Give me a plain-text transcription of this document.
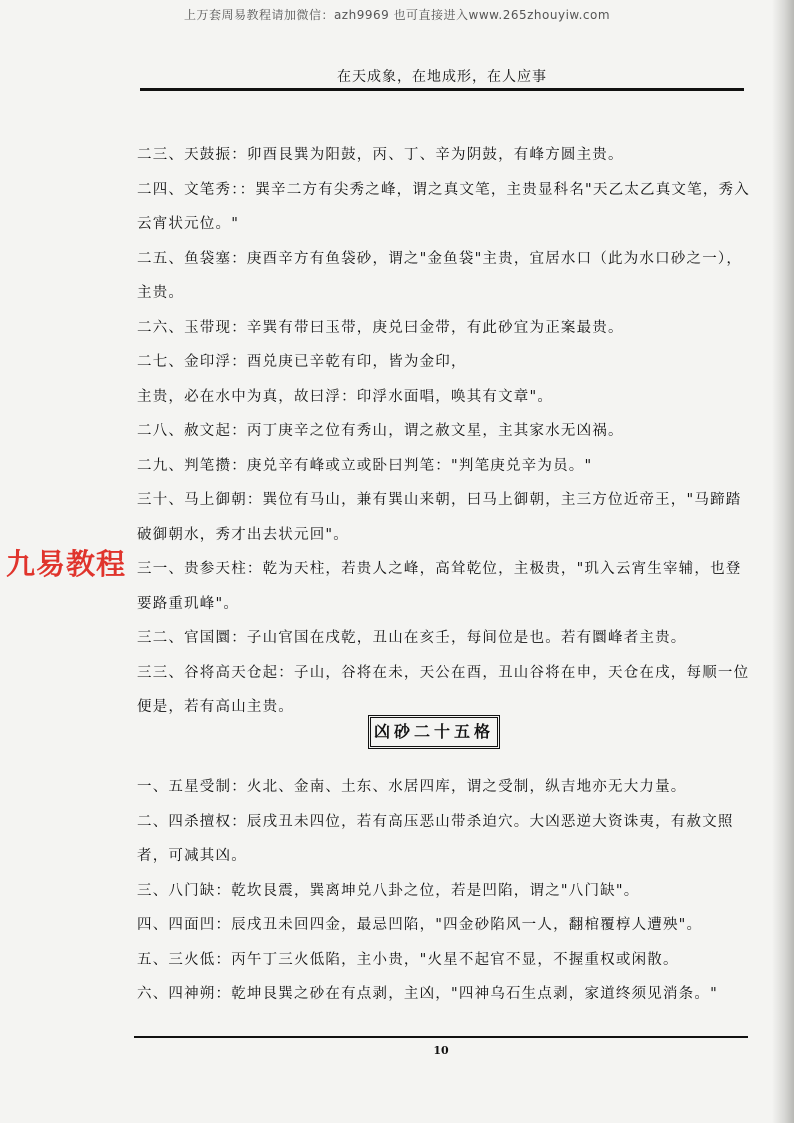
上万套周易教程请加微信：azh9969 也可直接进入www.265zhouyiw.com
在天成象，在地成形，在人应事

二三、天鼓振：卯酉艮巽为阳鼓，丙、丁、辛为阴鼓，有峰方圆主贵。

二四、文笔秀：：巽辛二方有尖秀之峰，谓之真文笔，主贵显科名"天乙太乙真文笔，秀入云宵状元位。"

二五、鱼袋塞：庚酉辛方有鱼袋砂，谓之"金鱼袋"主贵，宜居水口（此为水口砂之一），主贵。

二六、玉带现：辛巽有带曰玉带，庚兑曰金带，有此砂宜为正案最贵。

二七、金印浮：酉兑庚已辛乾有印，皆为金印，

主贵，必在水中为真，故曰浮：印浮水面唱，唤其有文章"。

二八、赦文起：丙丁庚辛之位有秀山，谓之赦文星，主其家水无凶祸。

二九、判笔攒：庚兑辛有峰或立或卧曰判笔："判笔庚兑辛为员。"

三十、马上御朝：巽位有马山，兼有巽山来朝，曰马上御朝，主三方位近帝王，"马蹄踏破御朝水，秀才出去状元回"。

三一、贵参天柱：乾为天柱，若贵人之峰，高耸乾位，主极贵，"玑入云宵生宰辅，也登要路重玑峰"。

三二、官国圜：子山官国在戌乾，丑山在亥壬，每间位是也。若有圜峰者主贵。

三三、谷将高天仓起：子山，谷将在未，天公在酉，丑山谷将在申，天仓在戌，每顺一位便是，若有高山主贵。

九易教程
凶砂二十五格

一、五星受制：火北、金南、土东、水居四库，谓之受制，纵吉地亦无大力量。

二、四杀擅权：辰戌丑未四位，若有高压恶山带杀迫穴。大凶恶逆大资诛夷，有赦文照者，可减其凶。

三、八门缺：乾坎艮震，巽离坤兑八卦之位，若是凹陷，谓之"八门缺"。

四、四面凹：辰戌丑未回四金，最忌凹陷，"四金砂陷风一人，翻棺覆椁人遭殃"。

五、三火低：丙午丁三火低陷，主小贵，"火星不起官不显，不握重权或闲散。

六、四神朔：乾坤艮巽之砂在有点剥，主凶，"四神乌石生点剥，家道终须见消条。"

10
